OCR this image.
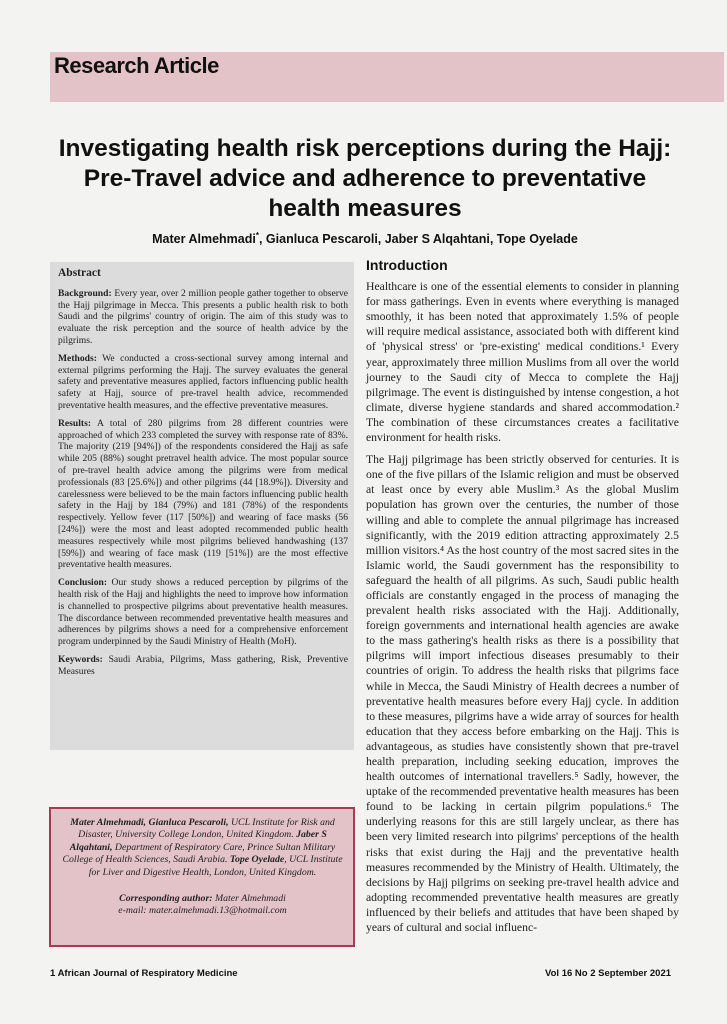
Research Article
Investigating health risk perceptions during the Hajj: Pre-Travel advice and adherence to preventative health measures
Mater Almehmadi*, Gianluca Pescaroli, Jaber S Alqahtani, Tope Oyelade
Abstract

Background: Every year, over 2 million people gather together to observe the Hajj pilgrimage in Mecca. This presents a public health risk to both Saudi and the pilgrims' country of origin. The aim of this study was to evaluate the risk perception and the source of health advice by the pilgrims.

Methods: We conducted a cross-sectional survey among internal and external pilgrims performing the Hajj. The survey evaluates the general safety and preventative measures applied, factors influencing public health safety at Hajj, source of pre-travel health advice, recommended preventative health measures, and the effective preventative measures.

Results: A total of 280 pilgrims from 28 different countries were approached of which 233 completed the survey with response rate of 83%. The majority (219 [94%]) of the respondents considered the Hajj as safe while 205 (88%) sought pretravel health advice. The most popular source of pre-travel health advice among the pilgrims were from medical professionals (83 [25.6%]) and other pilgrims (44 [18.9%]). Diversity and carelessness were believed to be the main factors influencing public health safety in the Hajj by 184 (79%) and 181 (78%) of the respondents respectively. Yellow fever (117 [50%]) and wearing of face masks (56 [24%]) were the most and least adopted recommended public health measures respectively while most pilgrims believed handwashing (137 [59%]) and wearing of face mask (119 [51%]) are the most effective preventative health measures.

Conclusion: Our study shows a reduced perception by pilgrims of the health risk of the Hajj and highlights the need to improve how information is channelled to prospective pilgrims about preventative health measures. The discordance between recommended preventative health measures and adherences by pilgrims shows a need for a comprehensive enforcement program underpinned by the Saudi Ministry of Health (MoH).

Keywords: Saudi Arabia, Pilgrims, Mass gathering, Risk, Preventive Measures

Mater Almehmadi, Gianluca Pescaroli, UCL Institute for Risk and Disaster, University College London, United Kingdom. Jaber S Alqahtani, Department of Respiratory Care, Prince Sultan Military College of Health Sciences, Saudi Arabia. Tope Oyelade, UCL Institute for Liver and Digestive Health, London, United Kingdom.
Corresponding author: Mater Almehmadi
e-mail: mater.almehmadi.13@hotmail.com
Introduction

Healthcare is one of the essential elements to consider in planning for mass gatherings. Even in events where everything is managed smoothly, it has been noted that approximately 1.5% of people will require medical assistance, associated both with different kind of 'physical stress' or 'pre-existing' medical conditions.¹ Every year, approximately three million Muslims from all over the world journey to the Saudi city of Mecca to complete the Hajj pilgrimage. The event is distinguished by intense congestion, a hot climate, diverse hygiene standards and shared accommodation.² The combination of these circumstances creates a facilitative environment for health risks.

The Hajj pilgrimage has been strictly observed for centuries. It is one of the five pillars of the Islamic religion and must be observed at least once by every able Muslim.³ As the global Muslim population has grown over the centuries, the number of those willing and able to complete the annual pilgrimage has increased significantly, with the 2019 edition attracting approximately 2.5 million visitors.⁴ As the host country of the most sacred sites in the Islamic world, the Saudi government has the responsibility to safeguard the health of all pilgrims. As such, Saudi public health officials are constantly engaged in the process of managing the prevalent health risks associated with the Hajj. Additionally, foreign governments and international health agencies are awake to the mass gathering's health risks as there is a possibility that pilgrims will import infectious diseases presumably to their countries of origin. To address the health risks that pilgrims face while in Mecca, the Saudi Ministry of Health decrees a number of preventative health measures before every Hajj cycle. In addition to these measures, pilgrims have a wide array of sources for health education that they access before embarking on the Hajj. This is advantageous, as studies have consistently shown that pre-travel health preparation, including seeking education, improves the health outcomes of international travellers.⁵ Sadly, however, the uptake of the recommended preventative health measures has been found to be lacking in certain pilgrim populations.⁶ The underlying reasons for this are still largely unclear, as there has been very limited research into pilgrims' perceptions of the health risks that exist during the Hajj and the preventative health measures recommended by the Ministry of Health. Ultimately, the decisions by Hajj pilgrims on seeking pre-travel health advice and adopting recommended preventative health measures are greatly influenced by their beliefs and attitudes that have been shaped by years of cultural and social influenc-

1 African Journal of Respiratory Medicine	Vol 16 No 2 September 2021
